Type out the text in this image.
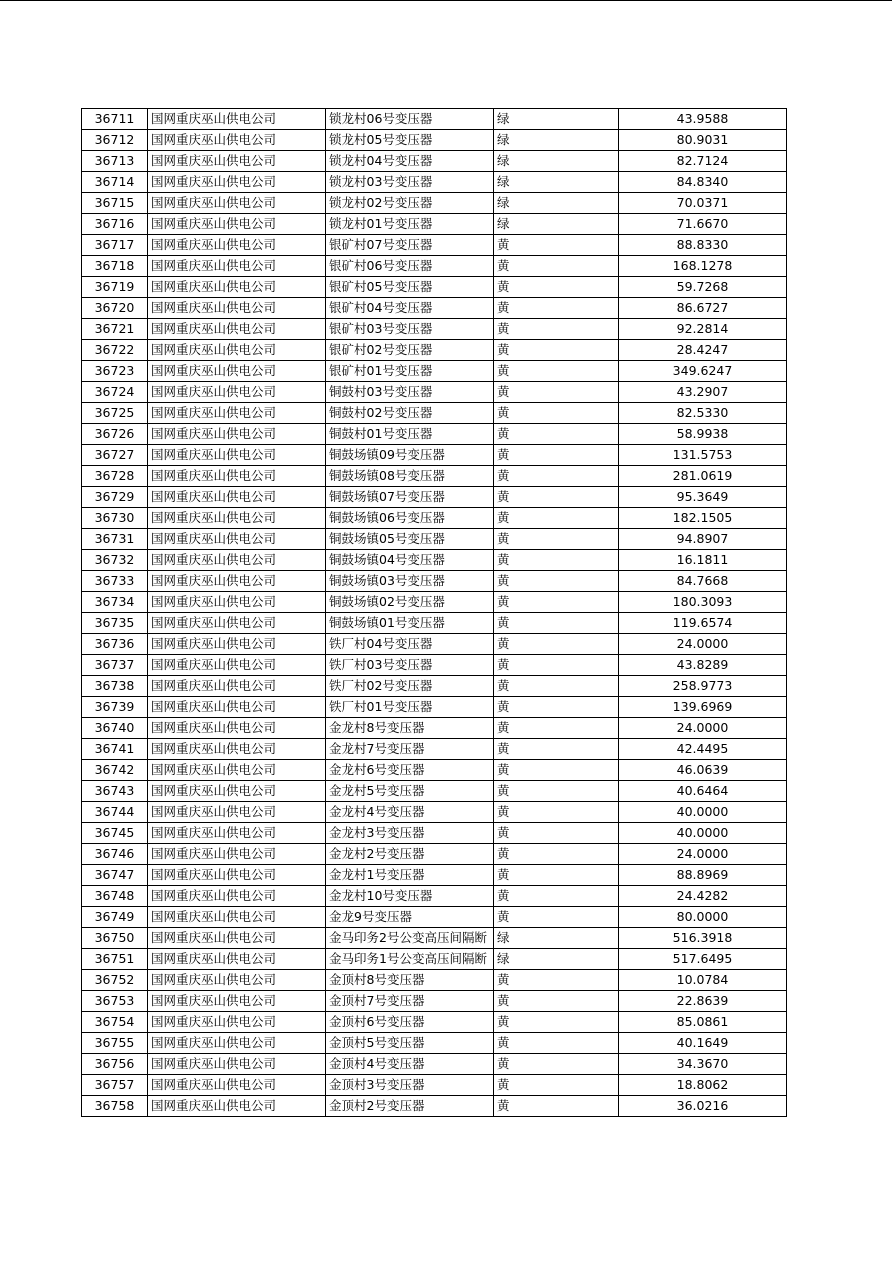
36711	国网重庆巫山供电公司	锁龙村06号变压器	绿	43.9588
36712	国网重庆巫山供电公司	锁龙村05号变压器	绿	80.9031
36713	国网重庆巫山供电公司	锁龙村04号变压器	绿	82.7124
36714	国网重庆巫山供电公司	锁龙村03号变压器	绿	84.8340
36715	国网重庆巫山供电公司	锁龙村02号变压器	绿	70.0371
36716	国网重庆巫山供电公司	锁龙村01号变压器	绿	71.6670
36717	国网重庆巫山供电公司	银矿村07号变压器	黄	88.8330
36718	国网重庆巫山供电公司	银矿村06号变压器	黄	168.1278
36719	国网重庆巫山供电公司	银矿村05号变压器	黄	59.7268
36720	国网重庆巫山供电公司	银矿村04号变压器	黄	86.6727
36721	国网重庆巫山供电公司	银矿村03号变压器	黄	92.2814
36722	国网重庆巫山供电公司	银矿村02号变压器	黄	28.4247
36723	国网重庆巫山供电公司	银矿村01号变压器	黄	349.6247
36724	国网重庆巫山供电公司	铜鼓村03号变压器	黄	43.2907
36725	国网重庆巫山供电公司	铜鼓村02号变压器	黄	82.5330
36726	国网重庆巫山供电公司	铜鼓村01号变压器	黄	58.9938
36727	国网重庆巫山供电公司	铜鼓场镇09号变压器	黄	131.5753
36728	国网重庆巫山供电公司	铜鼓场镇08号变压器	黄	281.0619
36729	国网重庆巫山供电公司	铜鼓场镇07号变压器	黄	95.3649
36730	国网重庆巫山供电公司	铜鼓场镇06号变压器	黄	182.1505
36731	国网重庆巫山供电公司	铜鼓场镇05号变压器	黄	94.8907
36732	国网重庆巫山供电公司	铜鼓场镇04号变压器	黄	16.1811
36733	国网重庆巫山供电公司	铜鼓场镇03号变压器	黄	84.7668
36734	国网重庆巫山供电公司	铜鼓场镇02号变压器	黄	180.3093
36735	国网重庆巫山供电公司	铜鼓场镇01号变压器	黄	119.6574
36736	国网重庆巫山供电公司	铁厂村04号变压器	黄	24.0000
36737	国网重庆巫山供电公司	铁厂村03号变压器	黄	43.8289
36738	国网重庆巫山供电公司	铁厂村02号变压器	黄	258.9773
36739	国网重庆巫山供电公司	铁厂村01号变压器	黄	139.6969
36740	国网重庆巫山供电公司	金龙村8号变压器	黄	24.0000
36741	国网重庆巫山供电公司	金龙村7号变压器	黄	42.4495
36742	国网重庆巫山供电公司	金龙村6号变压器	黄	46.0639
36743	国网重庆巫山供电公司	金龙村5号变压器	黄	40.6464
36744	国网重庆巫山供电公司	金龙村4号变压器	黄	40.0000
36745	国网重庆巫山供电公司	金龙村3号变压器	黄	40.0000
36746	国网重庆巫山供电公司	金龙村2号变压器	黄	24.0000
36747	国网重庆巫山供电公司	金龙村1号变压器	黄	88.8969
36748	国网重庆巫山供电公司	金龙村10号变压器	黄	24.4282
36749	国网重庆巫山供电公司	金龙9号变压器	黄	80.0000
36750	国网重庆巫山供电公司	金马印务2号公变高压间隔断	绿	516.3918
36751	国网重庆巫山供电公司	金马印务1号公变高压间隔断	绿	517.6495
36752	国网重庆巫山供电公司	金顶村8号变压器	黄	10.0784
36753	国网重庆巫山供电公司	金顶村7号变压器	黄	22.8639
36754	国网重庆巫山供电公司	金顶村6号变压器	黄	85.0861
36755	国网重庆巫山供电公司	金顶村5号变压器	黄	40.1649
36756	国网重庆巫山供电公司	金顶村4号变压器	黄	34.3670
36757	国网重庆巫山供电公司	金顶村3号变压器	黄	18.8062
36758	国网重庆巫山供电公司	金顶村2号变压器	黄	36.0216
